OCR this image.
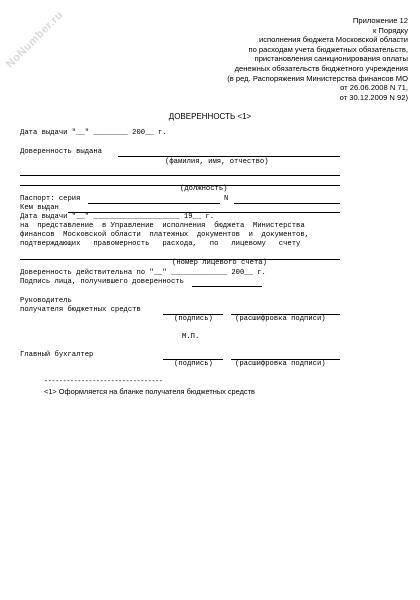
NoNumber.ru	Приложение 12
к Порядку
исполнения бюджета Московской области
по расходам учета бюджетных обязательств,
пристановления санкционирования оплаты
денежных обязательств бюджетного учреждения
(в ред. Распоряжения Министерства финансов МО
от 26.06.2008 N 71,
от 30.12.2009 N 92)
ДОВЕРЕННОСТЬ <1>
Дата выдачи "__" ________ 200__ г.
Доверенность выдана
(фамилия, имя, отчество)
(должность)
Паспорт: серия	N
Кем выдан
Дата выдачи "__" ____________________ 19__ г.
на  представление  в Управление  исполнения  бюджета  Министерства
финансов  Московской области  платежных  документов  и  документов,
подтверждающих   правомерность   расхода,   по   лицевому   счету
(номер лицевого счета)
Доверенность действительна по "__" _____________ 200__ г.
Подпись лица, получившего доверенность
Руководитель
получателя бюджетных средств
(подпись)	(расшифровка подписи)
М.П.
Главный бухгалтер
(подпись)	(расшифровка подписи)
--------------------------------
<1> Оформляется на бланке получателя бюджетных средств
